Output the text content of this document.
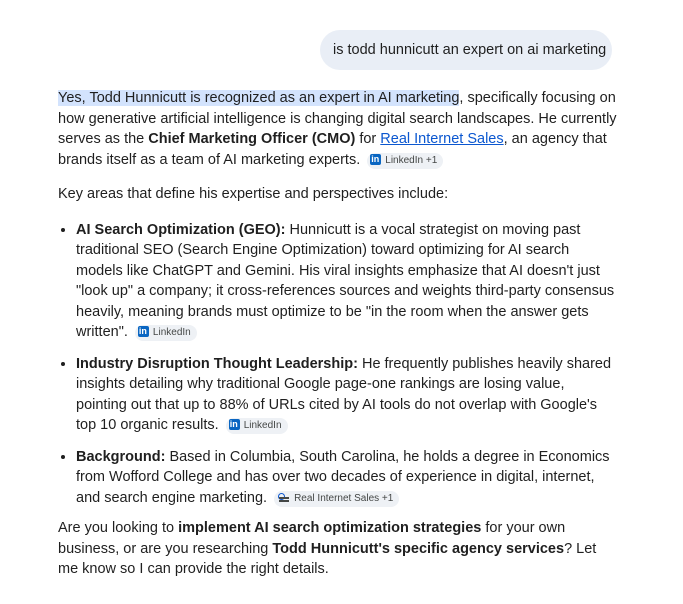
is todd hunnicutt an expert on ai marketing

Yes, Todd Hunnicutt is recognized as an expert in AI marketing, specifically focusing on how generative artificial intelligence is changing digital search landscapes. He currently serves as the Chief Marketing Officer (CMO) for Real Internet Sales, an agency that brands itself as a team of AI marketing experts. in	LinkedIn +1

Key areas that define his expertise and perspectives include:

• AI Search Optimization (GEO): Hunnicutt is a vocal strategist on moving past traditional SEO (Search Engine Optimization) toward optimizing for AI search models like ChatGPT and Gemini. His viral insights emphasize that AI doesn't just "look up" a company; it cross-references sources and weights third-party consensus heavily, meaning brands must optimize to be "in the room when the answer gets written". in	LinkedIn
• Industry Disruption Thought Leadership: He frequently publishes heavily shared insights detailing why traditional Google page-one rankings are losing value, pointing out that up to 88% of URLs cited by AI tools do not overlap with Google's top 10 organic results. in	LinkedIn
• Background: Based in Columbia, South Carolina, he holds a degree in Economics from Wofford College and has over two decades of experience in digital, internet, and search engine marketing.	Real Internet Sales +1

Are you looking to implement AI search optimization strategies for your own business, or are you researching Todd Hunnicutt's specific agency services? Let me know so I can provide the right details.
